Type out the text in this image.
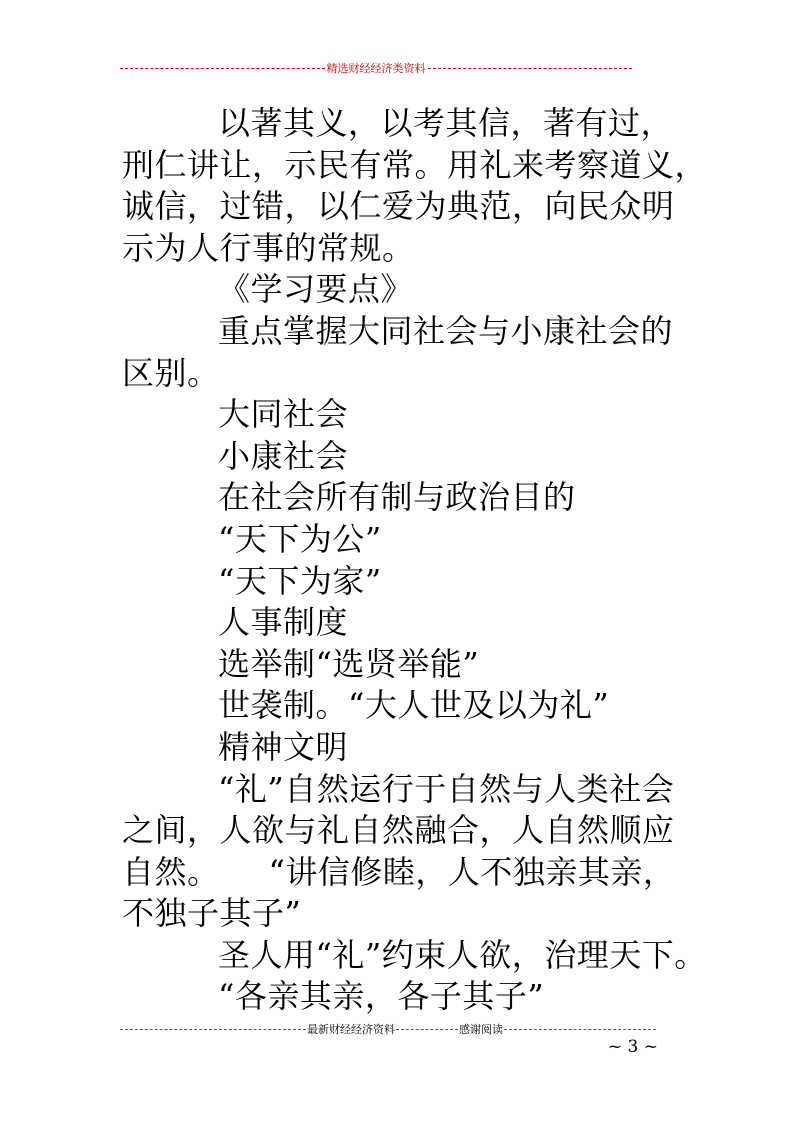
精选财经经济类资料
以著其义，以考其信，著有过，
刑仁讲让，示民有常。用礼来考察道义，
诚信，过错，以仁爱为典范，向民众明
示为人行事的常规。
《学习要点》
重点掌握大同社会与小康社会的
区别。
大同社会
小康社会
在社会所有制与政治目的
“天下为公”
“天下为家”
人事制度
选举制“选贤举能”
世袭制。“大人世及以为礼”
精神文明
“礼”自然运行于自然与人类社会
之间，人欲与礼自然融合，人自然顺应
自然。　　“讲信修睦，人不独亲其亲，
不独子其子”
圣人用“礼”约束人欲，治理天下。
“各亲其亲，各子其子”
最新财经经济资料	感谢阅读
~ 3 ~
